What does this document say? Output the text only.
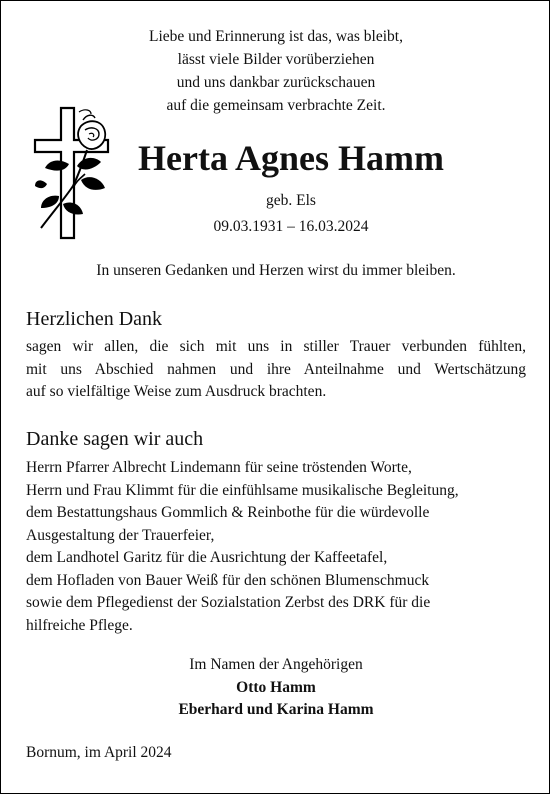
Liebe und Erinnerung ist das, was bleibt,
lässt viele Bilder vorüberziehen
und uns dankbar zurückschauen
auf die gemeinsam verbrachte Zeit.
Herta Agnes Hamm
geb. Els
09.03.1931 – 16.03.2024
In unseren Gedanken und Herzen wirst du immer bleiben.
Herzlichen Dank
sagen wir allen, die sich mit uns in stiller Trauer verbunden fühlten,
mit uns Abschied nahmen und ihre Anteilnahme und Wertschätzung
auf so vielfältige Weise zum Ausdruck brachten.
Danke sagen wir auch
Herrn Pfarrer Albrecht Lindemann für seine tröstenden Worte,
Herrn und Frau Klimmt für die einfühlsame musikalische Begleitung,
dem Bestattungshaus Gommlich & Reinbothe für die würdevolle
Ausgestaltung der Trauerfeier,
dem Landhotel Garitz für die Ausrichtung der Kaffeetafel,
dem Hofladen von Bauer Weiß für den schönen Blumenschmuck
sowie dem Pflegedienst der Sozialstation Zerbst des DRK für die
hilfreiche Pflege.
Im Namen der Angehörigen
Otto Hamm
Eberhard und Karina Hamm
Bornum, im April 2024
